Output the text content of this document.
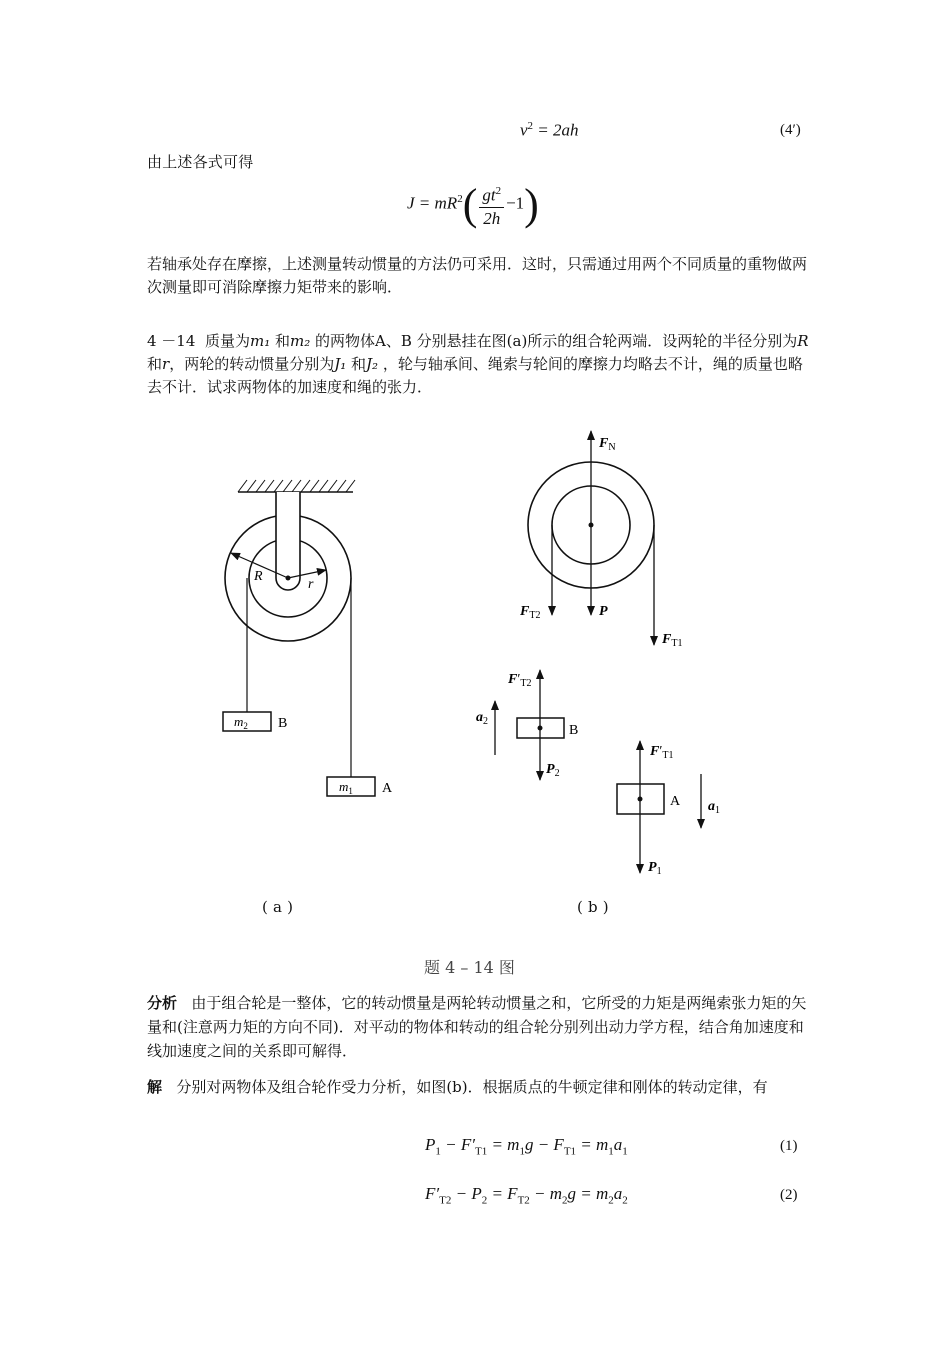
$v^2 = 2ah$	(4′)
由上述各式可得
$J = mR^2( \frac{gt^2}{2h} -1)$
若轴承处存在摩擦，上述测量转动惯量的方法仍可采用．这时，只需通过用两个不同质量的重物做两次测量即可消除摩擦力矩带来的影响．
4 －14 质量为m₁ 和m₂ 的两物体A、B 分别悬挂在图(a)所示的组合轮两端．设两轮的半径分别为R 和r，两轮的转动惯量分别为J₁ 和J₂ ，轮与轴承间、绳索与轮间的摩擦力均略去不计，绳的质量也略去不计．试求两物体的加速度和绳的张力．
R
r
$m_2$ B
$m_1$ A
$F_N$
P
$F_{T2}$
$F_{T1}$
B
$F'_{T2}$
$P_2$
$a_2$
A
$F'_{T1}$
$P_1$
$a_1$
( a )	( b )
题 4 – 14 图
分析 由于组合轮是一整体，它的转动惯量是两轮转动惯量之和，它所受的力矩是两绳索张力矩的矢量和(注意两力矩的方向不同)．对平动的物体和转动的组合轮分别列出动力学方程，结合角加速度和线加速度之间的关系即可解得．
解 分别对两物体及组合轮作受力分析，如图(b)．根据质点的牛顿定律和刚体的转动定律，有
$P_1 - F'_{T1} = m_1g - F_{T1} = m_1a_1$	(1)
$F'_{T2} - P_2 = F_{T2} - m_2g = m_2a_2$	(2)
